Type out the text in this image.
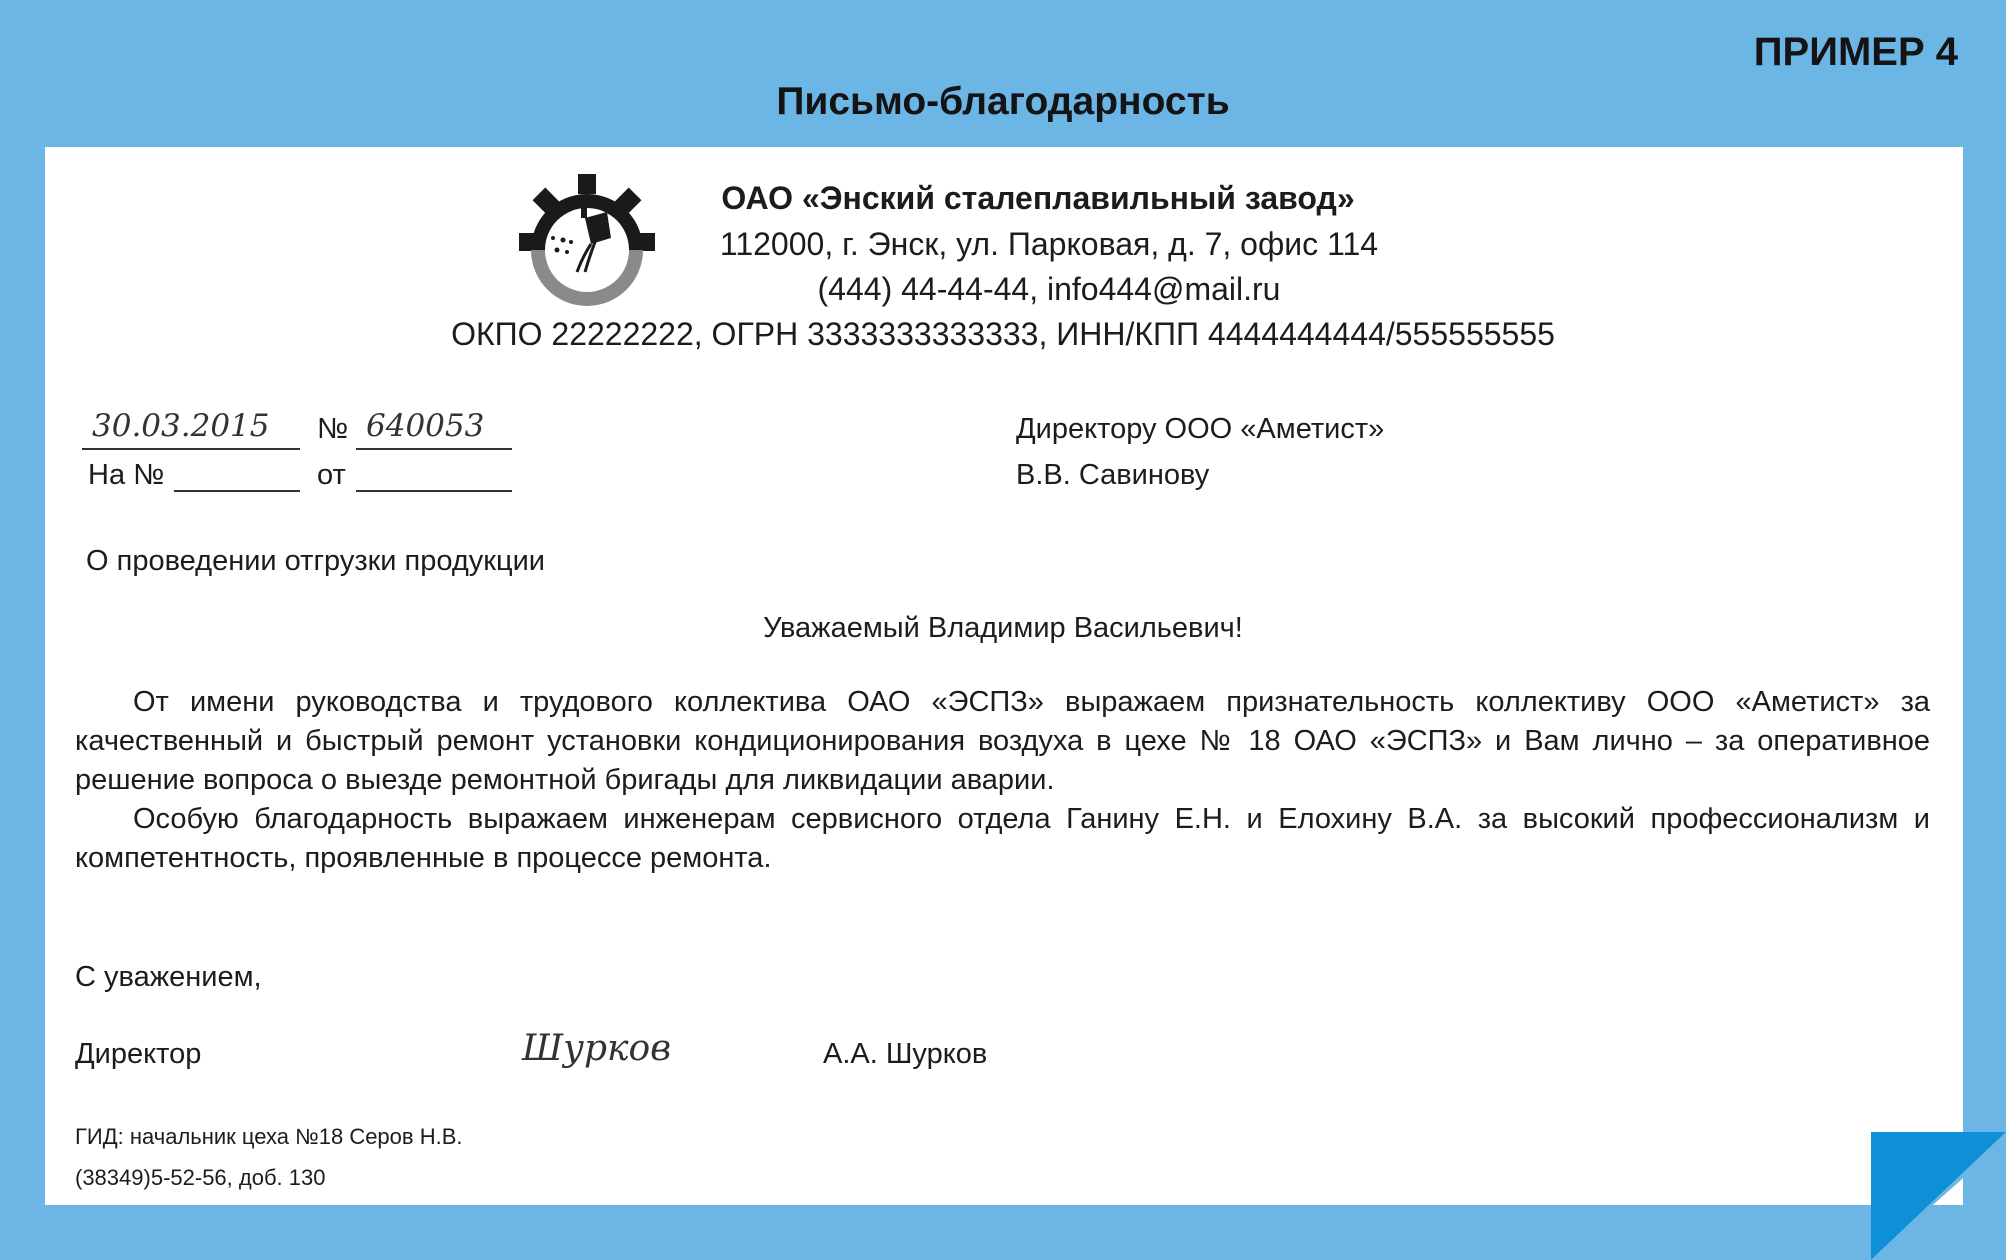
ПРИМЕР 4
Письмо-благодарность
ОАО «Энский сталеплавильный завод»
112000, г. Энск, ул. Парковая, д. 7, офис 114
(444) 44-44-44, info444@mail.ru
ОКПО 22222222, ОГРН 3333333333333, ИНН/КПП 4444444444/555555555
30.03.2015 № 640053
На №	от
Директору ООО «Аметист»
В.В. Савинову
О проведении отгрузки продукции
Уважаемый Владимир Васильевич!

От имени руководства и трудового коллектива ОАО «ЭСПЗ» выражаем признательность коллективу ООО «Аметист» за качественный и быстрый ремонт установки кондиционирования воздуха в цехе № 18 ОАО «ЭСПЗ» и Вам лично – за оперативное решение вопроса о выезде ремонтной бригады для ликвидации аварии.

Особую благодарность выражаем инженерам сервисного отдела Ганину Е.Н. и Елохину В.А. за высокий профессионализм и компетентность, проявленные в процессе ремонта.

С уважением,
Директор	Шурков	А.А. Шурков
ГИД: начальник цеха №18 Серов Н.В.
(38349)5-52-56, доб. 130
